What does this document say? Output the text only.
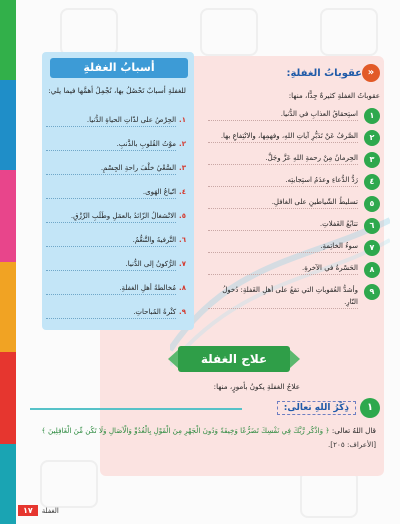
أسبابُ الغفلةِ
للغفلةِ أسبابٌ تَحْصُلُ بها، نُجْمِلُ أهمَّها فيما يلي:
١.
الحِرْصُ على لذّاتِ الحياةِ الدُّنيا.
٢.
موْتُ القُلوبِ بالذَّنبِ.
٣.
السَّعْيُ خلْفَ راحةِ الجِسْمِ.
٤.
اتّباعُ الهَوى.
٥.
الانْشغالُ الزّائدُ بالعمَلِ وطَلَبِ الرِّزْقِ.
٦.
التَّرفيهُ والتَّنعُّمُ.
٧.
الرُّكونُ إلى الدُّنيا.
٨.
مُخالطةُ أهلِ الغفلةِ.
٩.
كثْرةُ المُباحاتِ.
«
عقوباتُ الغفلةِ:
عقوباتُ الغفلةِ كثيرةٌ جِدًّا، منها:
١
استِحقاقُ العذابِ في الدُّنيا.
٢
الصَّرفُ عَنْ تَدَبُّرِ آياتِ اللهِ، وفهمِها، والانْتِفاعِ بها.
٣
الحِرمانُ مِنْ رحمةِ اللهِ عَزَّ وجَلَّ.
٤
رَدُّ الدُّعاءِ وعدَمُ استِجابتِه.
٥
تسليطُ الشّياطينِ على الغافلِ.
٦
تتابُعُ الغَفلاتِ.
٧
سوءُ الخاتِمةِ.
٨
الحَسْرةُ في الآخرةِ.
٩
وأشدُّ العُقوباتِ التي تقعُ على أهلِ الغَفلةِ: دُخولُ النّارِ.
علاج الغفلة
علاجُ الغفلةِ يكونُ بأمورٍ، منها:
١
ذِكْرُ اللهِ تعالى:
قال اللهُ تعالى: ﴿ وَاذْكُر رَّبَّكَ فِي نَفْسِكَ تَضَرُّعًا وَخِيفَةً وَدُونَ الْجَهْرِ مِنَ الْقَوْلِ بِالْغُدُوِّ وَالْآصَالِ وَلَا تَكُن مِّنَ الْغَافِلِينَ ﴾ [الأعراف: ٢٠٥].
١٧	الغفلة
